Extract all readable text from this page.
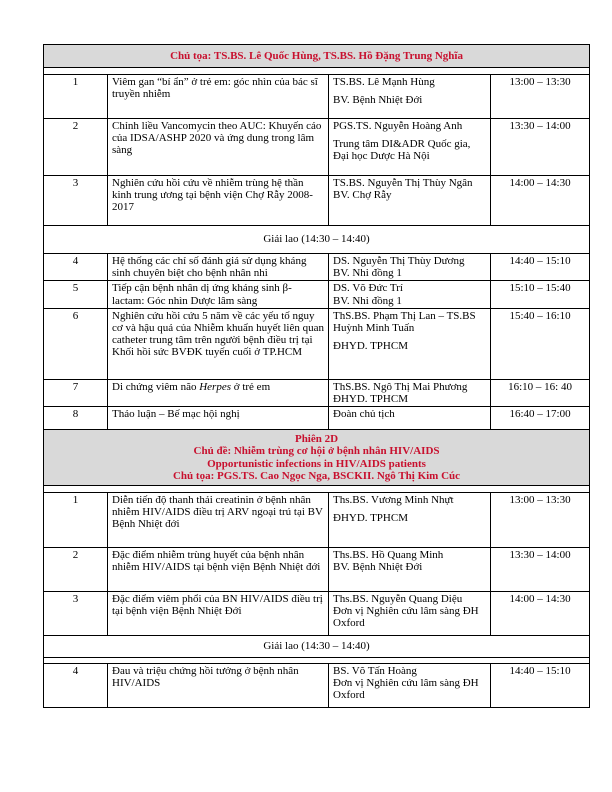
Chủ tọa: TS.BS. Lê Quốc Hùng, TS.BS. Hồ Đặng Trung Nghĩa			

1	Viêm gan “bí ẩn” ở trẻ em: góc nhìn của bác sĩ truyền nhiễm	TS.BS. Lê Mạnh Hùng
BV. Bệnh Nhiệt Đới	13:00 – 13:30
2	Chỉnh liều Vancomycin theo AUC: Khuyến cáo của IDSA/ASHP 2020 và ứng dung trong lâm sàng	PGS.TS. Nguyễn Hoàng Anh
Trung tâm DI&ADR Quốc gia, Đại học Dược Hà Nội	13:30 – 14:00
3	Nghiên cứu hồi cứu về nhiễm trùng hệ thần kinh trung ương tại bệnh viện Chợ Rẫy 2008-2017	TS.BS. Nguyễn Thị Thùy Ngân
BV. Chợ Rẫy	14:00 – 14:30
Giải lao (14:30 – 14:40)			
4	Hệ thống các chỉ số đánh giá sử dụng kháng sinh chuyên biệt cho bệnh nhân nhi	DS. Nguyễn Thị Thùy Dương
BV. Nhi đồng 1	14:40 – 15:10
5	Tiếp cận bệnh nhân dị ứng kháng sinh β-lactam: Góc nhìn Dược lâm sàng	DS. Võ Đức Trí
BV. Nhi đồng 1	15:10 – 15:40
6	Nghiên cứu hồi cứu 5 năm về các yếu tố nguy cơ và hậu quả của Nhiễm khuẩn huyết liên quan catheter trung tâm trên người bệnh điều trị tại Khối hồi sức BVĐK tuyến cuối ở TP.HCM	ThS.BS. Phạm Thị Lan – TS.BS Huỳnh Minh Tuấn
ĐHYD. TPHCM	15:40 – 16:10
7	Di chứng viêm não Herpes ở trẻ em	ThS.BS. Ngô Thị Mai Phương
ĐHYD. TPHCM	16:10 – 16: 40
8	Thảo luận – Bế mạc hội nghị	Đoàn chủ tịch	16:40 – 17:00

Phiên 2D
Chủ đề: Nhiễm trùng cơ hội ở bệnh nhân HIV/AIDS
Opportunistic infections in HIV/AIDS patients
Chủ tọa: PGS.TS. Cao Ngọc Nga, BSCKII. Ngô Thị Kim Cúc			

1	Diễn tiến độ thanh thải creatinin ở bệnh nhân nhiễm HIV/AIDS điều trị ARV ngoại trú tại BV Bệnh Nhiệt đới	Ths.BS. Vương Minh Nhựt
ĐHYD. TPHCM	13:00 – 13:30
2	Đặc điểm nhiễm trùng huyết của bệnh nhân nhiễm HIV/AIDS tại bệnh viện Bệnh Nhiệt đới	Ths.BS. Hồ Quang Minh
BV. Bệnh Nhiệt Đới	13:30 – 14:00
3	Đặc điểm viêm phổi của BN HIV/AIDS điều trị tại bệnh viện Bệnh Nhiệt Đới	Ths.BS. Nguyễn Quang Diệu
Đơn vị Nghiên cứu lâm sàng ĐH Oxford	14:00 – 14:30
Giải lao (14:30 – 14:40)			

4	Đau và triệu chứng hồi tưởng ở bệnh nhân HIV/AIDS	BS. Võ Tấn Hoàng
Đơn vị Nghiên cứu lâm sàng ĐH Oxford	14:40 – 15:10
